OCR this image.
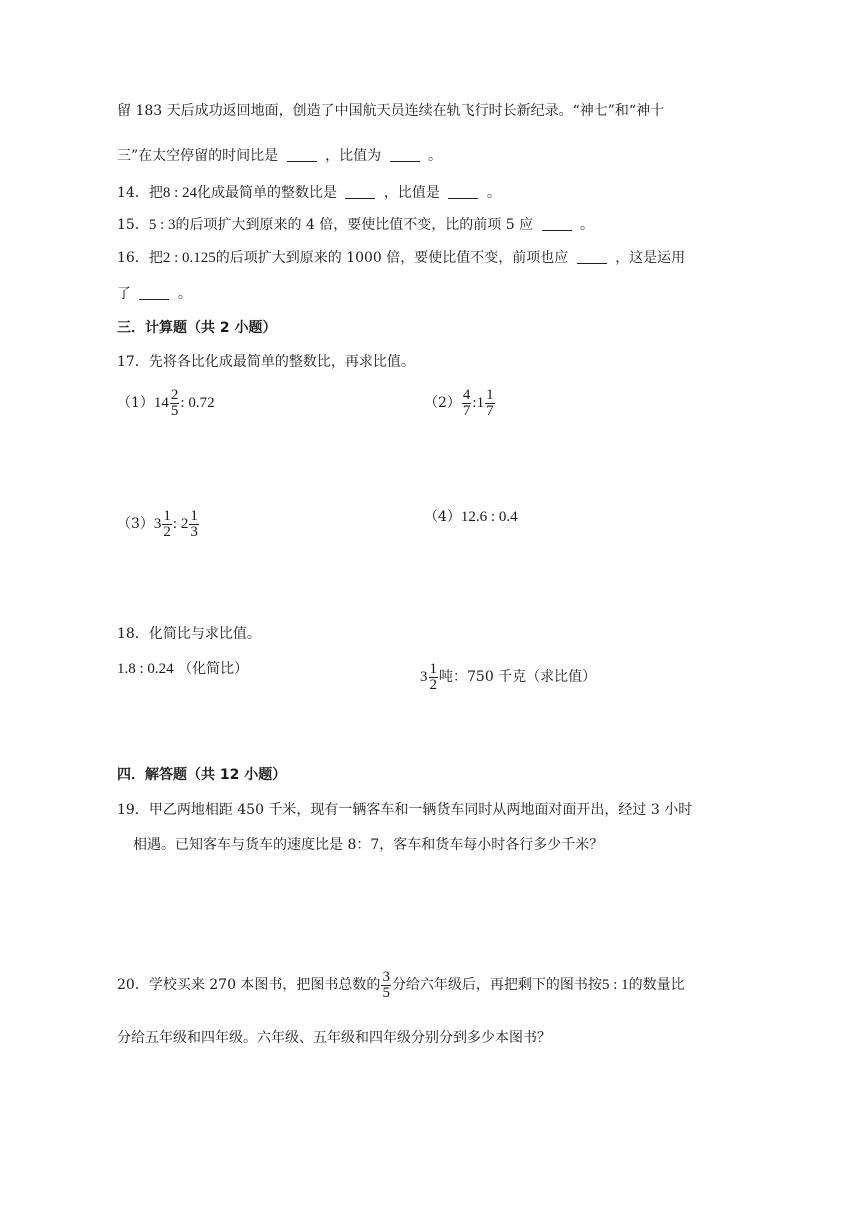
留 183 天后成功返回地面，创造了中国航天员连续在轨飞行时长新纪录。“神七”和“神十
三”在太空停留的时间比是	，比值为	。
14．把8 : 24化成最简单的整数比是	，比值是	。
15．5 : 3的后项扩大到原来的 4 倍，要使比值不变，比的前项 5 应	。
16．把2 : 0.125的后项扩大到原来的 1000 倍，要使比值不变，前项也应	，这是运用
了	。
三．计算题（共 2 小题）
17．先将各比化成最简单的整数比，再求比值。
$(1)14 \frac{2}{5}$ : 0.72	$(2) \frac{4}{7}$ :1 $\frac{1}{7}$
$(3)3 \frac{1}{2}$ : $2 \frac{1}{3}$	（4）12.6 : 0.4
18．化简比与求比值。
1.8 : 0.24 （化简比）	$3 \frac{1}{2}$ 吨：750 千克（求比值）
四．解答题（共 12 小题）
19．甲乙两地相距 450 千米，现有一辆客车和一辆货车同时从两地面对面开出，经过 3 小时
相遇。已知客车与货车的速度比是 8：7，客车和货车每小时各行多少千米？
20．学校买来 270 本图书，把图书总数的 $\frac{3}{5}$ 分给六年级后，再把剩下的图书按5 : 1的数量比
分给五年级和四年级。六年级、五年级和四年级分别分到多少本图书？
